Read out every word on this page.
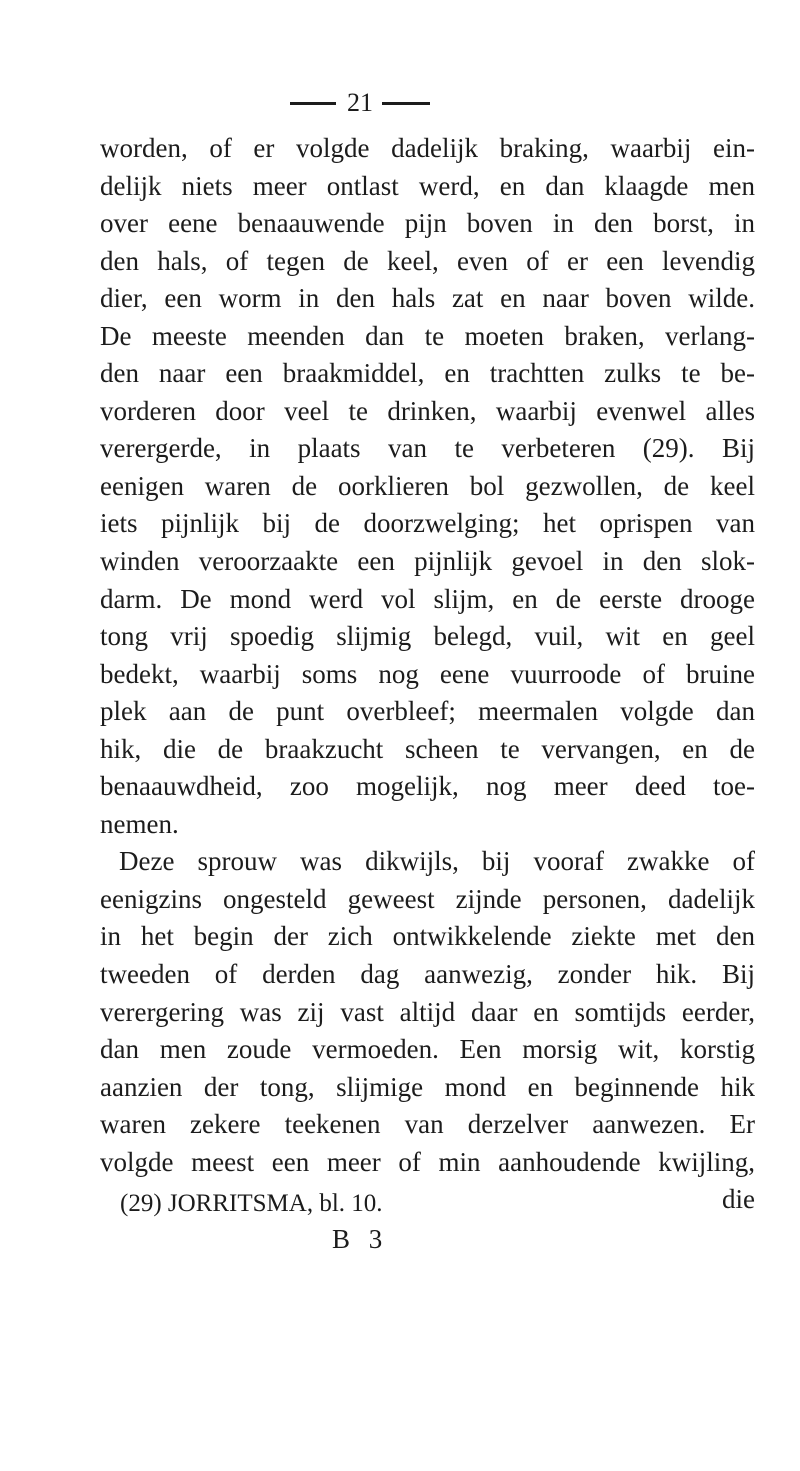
21
worden, of er volgde dadelijk braking, waarbij ein-
delijk niets meer ontlast werd, en dan klaagde men
over eene benaauwende pijn boven in den borst, in
den hals, of tegen de keel, even of er een levendig
dier, een worm in den hals zat en naar boven wilde.
De meeste meenden dan te moeten braken, verlang-
den naar een braakmiddel, en trachtten zulks te be-
vorderen door veel te drinken, waarbij evenwel alles
verergerde, in plaats van te verbeteren (29). Bij
eenigen waren de oorklieren bol gezwollen, de keel
iets pijnlijk bij de doorzwelging; het oprispen van
winden veroorzaakte een pijnlijk gevoel in den slok-
darm. De mond werd vol slijm, en de eerste drooge
tong vrij spoedig slijmig belegd, vuil, wit en geel
bedekt, waarbij soms nog eene vuurroode of bruine
plek aan de punt overbleef; meermalen volgde dan
hik, die de braakzucht scheen te vervangen, en de
benaauwdheid, zoo mogelijk, nog meer deed toe-
nemen.
Deze sprouw was dikwijls, bij vooraf zwakke of
eenigzins ongesteld geweest zijnde personen, dadelijk
in het begin der zich ontwikkelende ziekte met den
tweeden of derden dag aanwezig, zonder hik. Bij
verergering was zij vast altijd daar en somtijds eerder,
dan men zoude vermoeden. Een morsig wit, korstig
aanzien der tong, slijmige mond en beginnende hik
waren zekere teekenen van derzelver aanwezen. Er
volgde meest een meer of min aanhoudende kwijling,
die
(29) JORRITSMA, bl. 10.
B 3
